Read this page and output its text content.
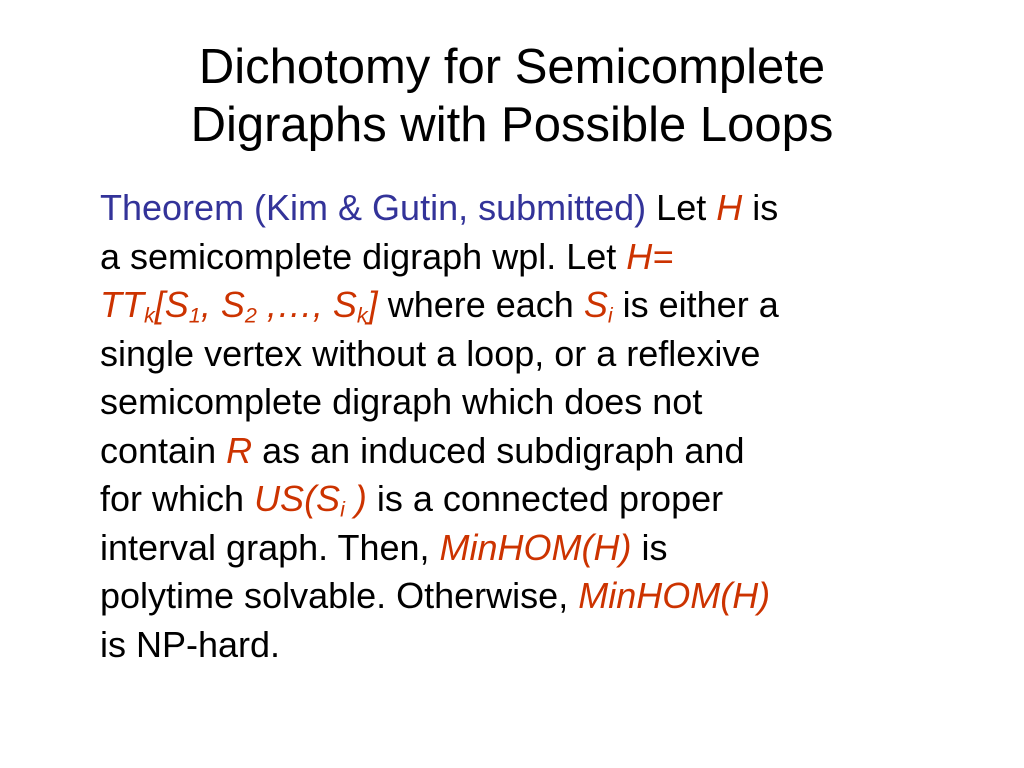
Dichotomy for Semicomplete
Digraphs with Possible Loops
Theorem (Kim & Gutin, submitted) Let H is
a semicomplete digraph wpl. Let H=
$TT_k[S_1$, $S_2$ ,…, $S_k$] where each $S_i$ is either a
single vertex without a loop, or a reflexive
semicomplete digraph which does not
contain R as an induced subdigraph and
for which $US(S_i$ ) is a connected proper
interval graph. Then, MinHOM(H) is
polytime solvable. Otherwise, MinHOM(H)
is NP-hard.
